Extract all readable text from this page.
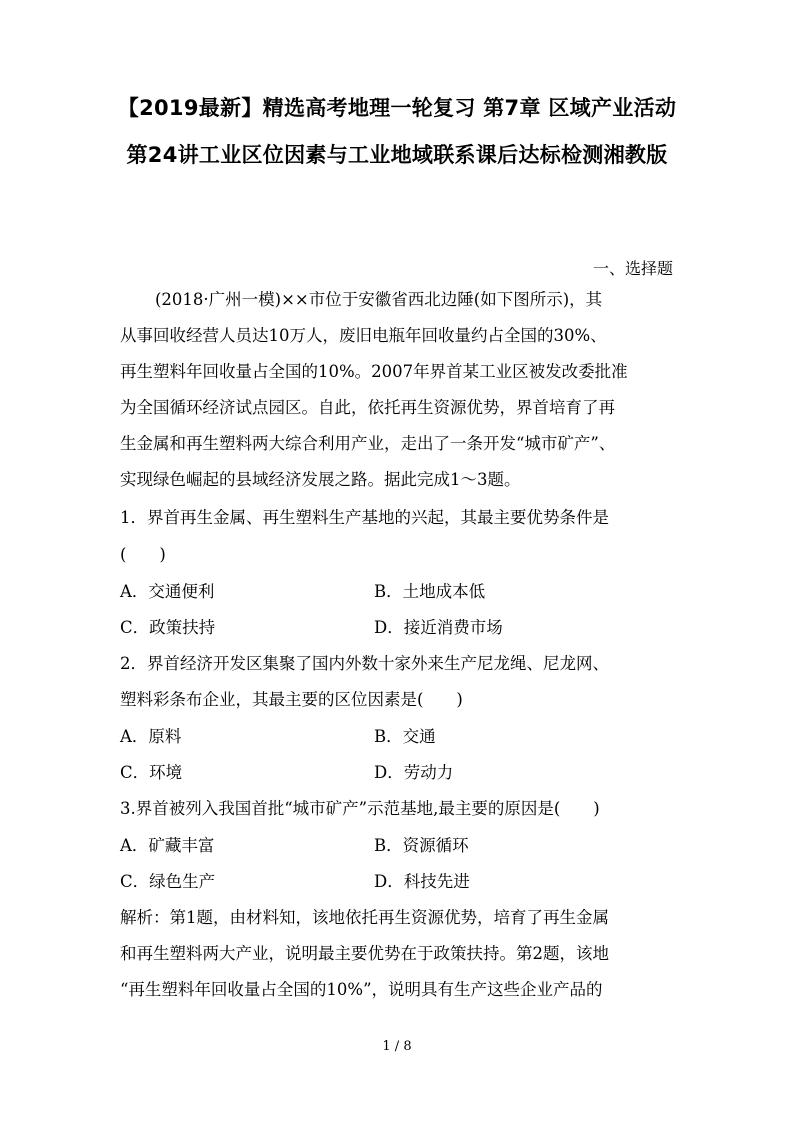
【2019最新】精选高考地理一轮复习 第7章 区域产业活动
第24讲工业区位因素与工业地域联系课后达标检测湘教版
一、选择题
(2018·广州一模)××市位于安徽省西北边陲(如下图所示)，其
从事回收经营人员达10万人，废旧电瓶年回收量约占全国的30%、
再生塑料年回收量占全国的10%。2007年界首某工业区被发改委批准
为全国循环经济试点园区。自此，依托再生资源优势，界首培育了再
生金属和再生塑料两大综合利用产业，走出了一条开发“城市矿产”、
实现绿色崛起的县域经济发展之路。据此完成1～3题。
1．界首再生金属、再生塑料生产基地的兴起，其最主要优势条件是
(　　)
A．交通便利	B．土地成本低
C．政策扶持	D．接近消费市场
2．界首经济开发区集聚了国内外数十家外来生产尼龙绳、尼龙网、
塑料彩条布企业，其最主要的区位因素是(　　)
A．原料	B．交通
C．环境	D．劳动力
3.界首被列入我国首批“城市矿产”示范基地,最主要的原因是(　　)
A．矿藏丰富	B．资源循环
C．绿色生产	D．科技先进
解析：第1题，由材料知，该地依托再生资源优势，培育了再生金属
和再生塑料两大产业，说明最主要优势在于政策扶持。第2题，该地
“再生塑料年回收量占全国的10%”，说明具有生产这些企业产品的
1 / 8
